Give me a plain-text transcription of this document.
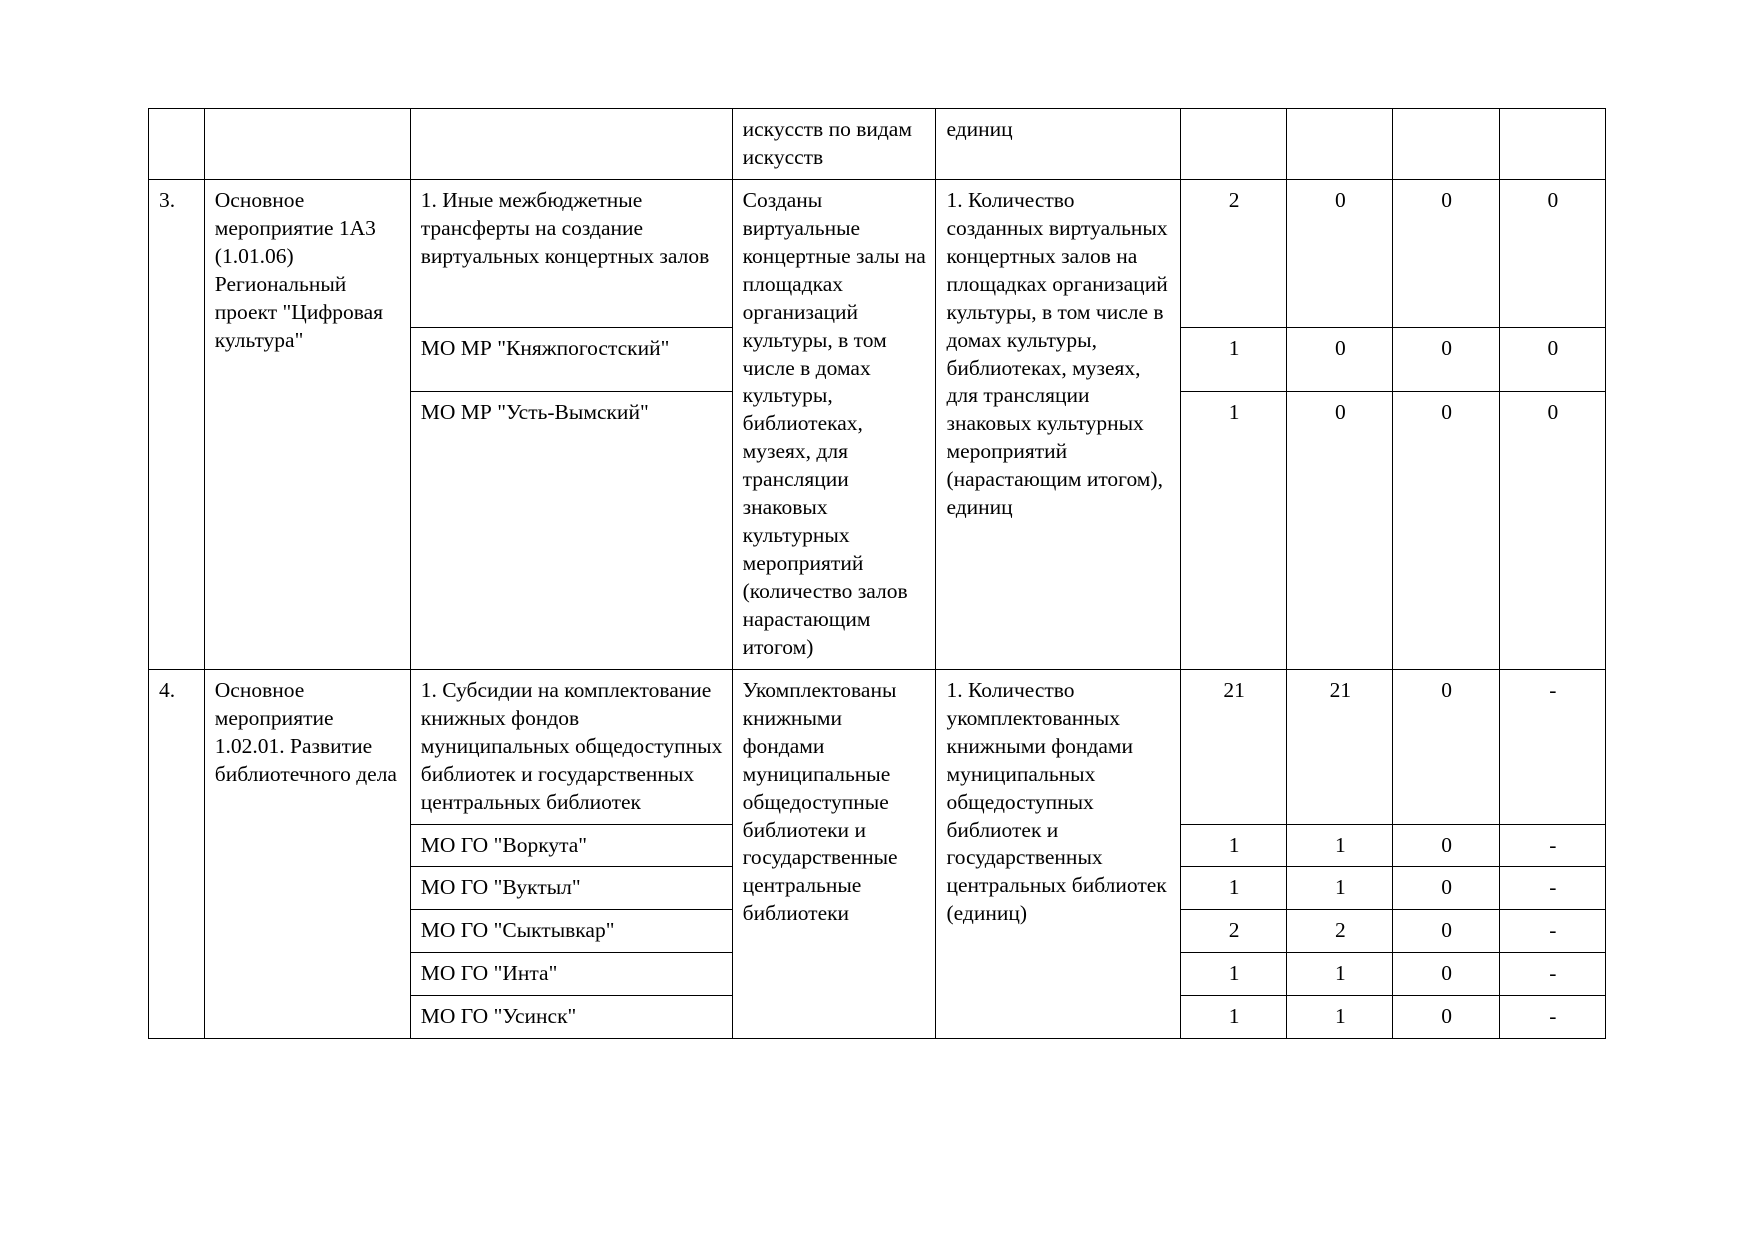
			искусств по видам искусств	единиц				
3.	Основное мероприятие 1А3 (1.01.06) Региональный проект "Цифровая культура"	1. Иные межбюджетные трансферты на создание виртуальных концертных залов	Созданы виртуальные концертные залы на площадках организаций культуры, в том числе в домах культуры, библиотеках, музеях, для трансляции знаковых культурных мероприятий (количество залов нарастающим итогом)	1. Количество созданных виртуальных концертных залов на площадках организаций культуры, в том числе в домах культуры, библиотеках, музеях, для трансляции знаковых культурных мероприятий (нарастающим итогом), единиц	2	0	0	0
		МО МР "Княжпогостский"			1	0	0	0
		МО МР "Усть-Вымский"			1	0	0	0
4.	Основное мероприятие 1.02.01. Развитие библиотечного дела	1. Субсидии на комплектование книжных фондов муниципальных общедоступных библиотек и государственных центральных библиотек	Укомплектованы книжными фондами муниципальные общедоступные библиотеки и государственные центральные библиотеки	1. Количество укомплектованных книжными фондами муниципальных общедоступных библиотек и государственных центральных библиотек (единиц)	21	21	0	-
		МО ГО "Воркута"			1	1	0	-
		МО ГО "Вуктыл"			1	1	0	-
		МО ГО "Сыктывкар"			2	2	0	-
		МО ГО "Инта"			1	1	0	-
		МО ГО "Усинск"			1	1	0	-
